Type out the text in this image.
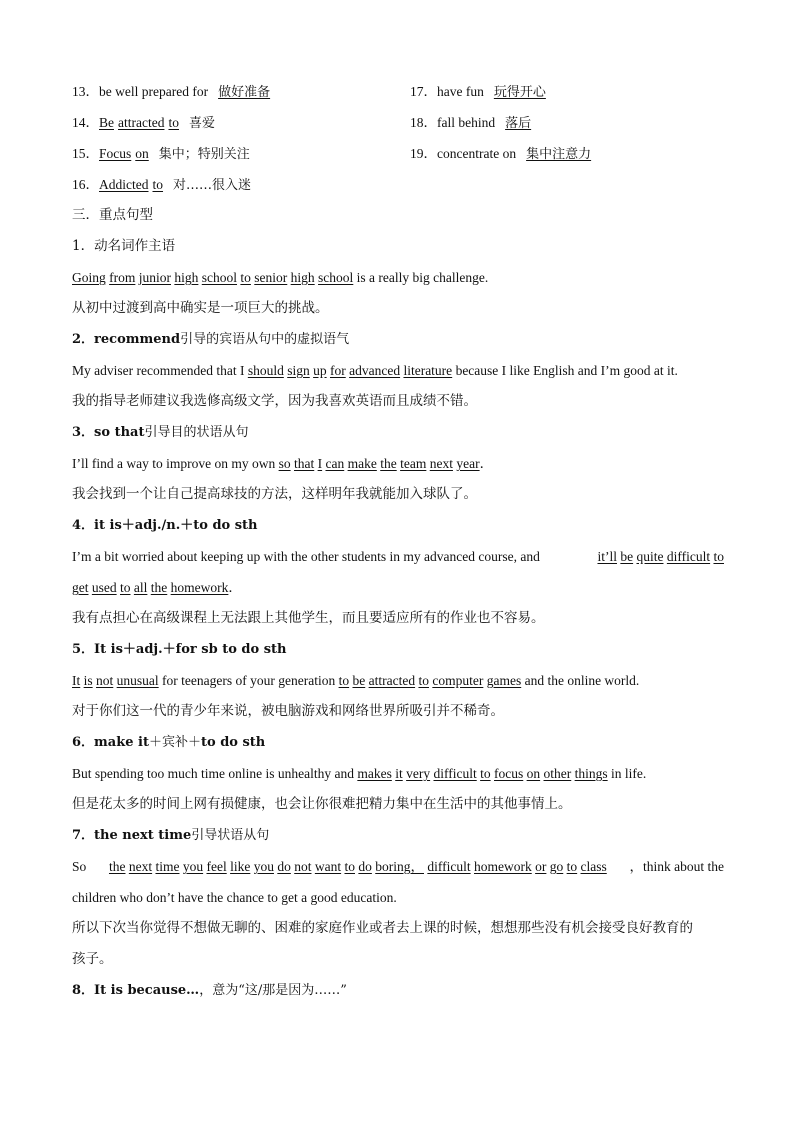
13．be well prepared for 做好准备	17．have fun 玩得开心
14．Be attracted to 喜爱	18．fall behind 落后
15．Focus on 集中；特别关注	19．concentrate on 集中注意力
16．Addicted to 对……很入迷
三．重点句型
1．动名词作主语
Going from junior high school to senior high school is a really big challenge.
从初中过渡到高中确实是一项巨大的挑战。
2．recommend引导的宾语从句中的虚拟语气
My adviser recommended that I should sign up for advanced literature because I like English and I’m good at it.
我的指导老师建议我选修高级文学，因为我喜欢英语而且成绩不错。
3．so that引导目的状语从句
I’ll find a way to improve on my own so that I can make the team next year．
我会找到一个让自己提高球技的方法，这样明年我就能加入球队了。
4．it is＋adj./n.＋to do sth
I’m a bit worried about keeping up with the other students in my advanced course, and	it’ll be quite difficult to
get used to all the homework．
我有点担心在高级课程上无法跟上其他学生，而且要适应所有的作业也不容易。
5．It is＋adj.＋for sb to do sth
It is not unusual for teenagers of your generation to be attracted to computer games and the online world.
对于你们这一代的青少年来说，被电脑游戏和网络世界所吸引并不稀奇。
6．make it＋宾补＋to do sth
But spending too much time online is unhealthy and makes it very difficult to focus on other things in life.
但是花太多的时间上网有损健康，也会让你很难把精力集中在生活中的其他事情上。
7．the next time引导状语从句
So the next time you feel like you do not want to do boring， difficult homework or go to class ，think about the
children who don’t have the chance to get a good education.
所以下次当你觉得不想做无聊的、困难的家庭作业或者去上课的时候，想想那些没有机会接受良好教育的
孩子。
8．It is because…，意为“这/那是因为……”
